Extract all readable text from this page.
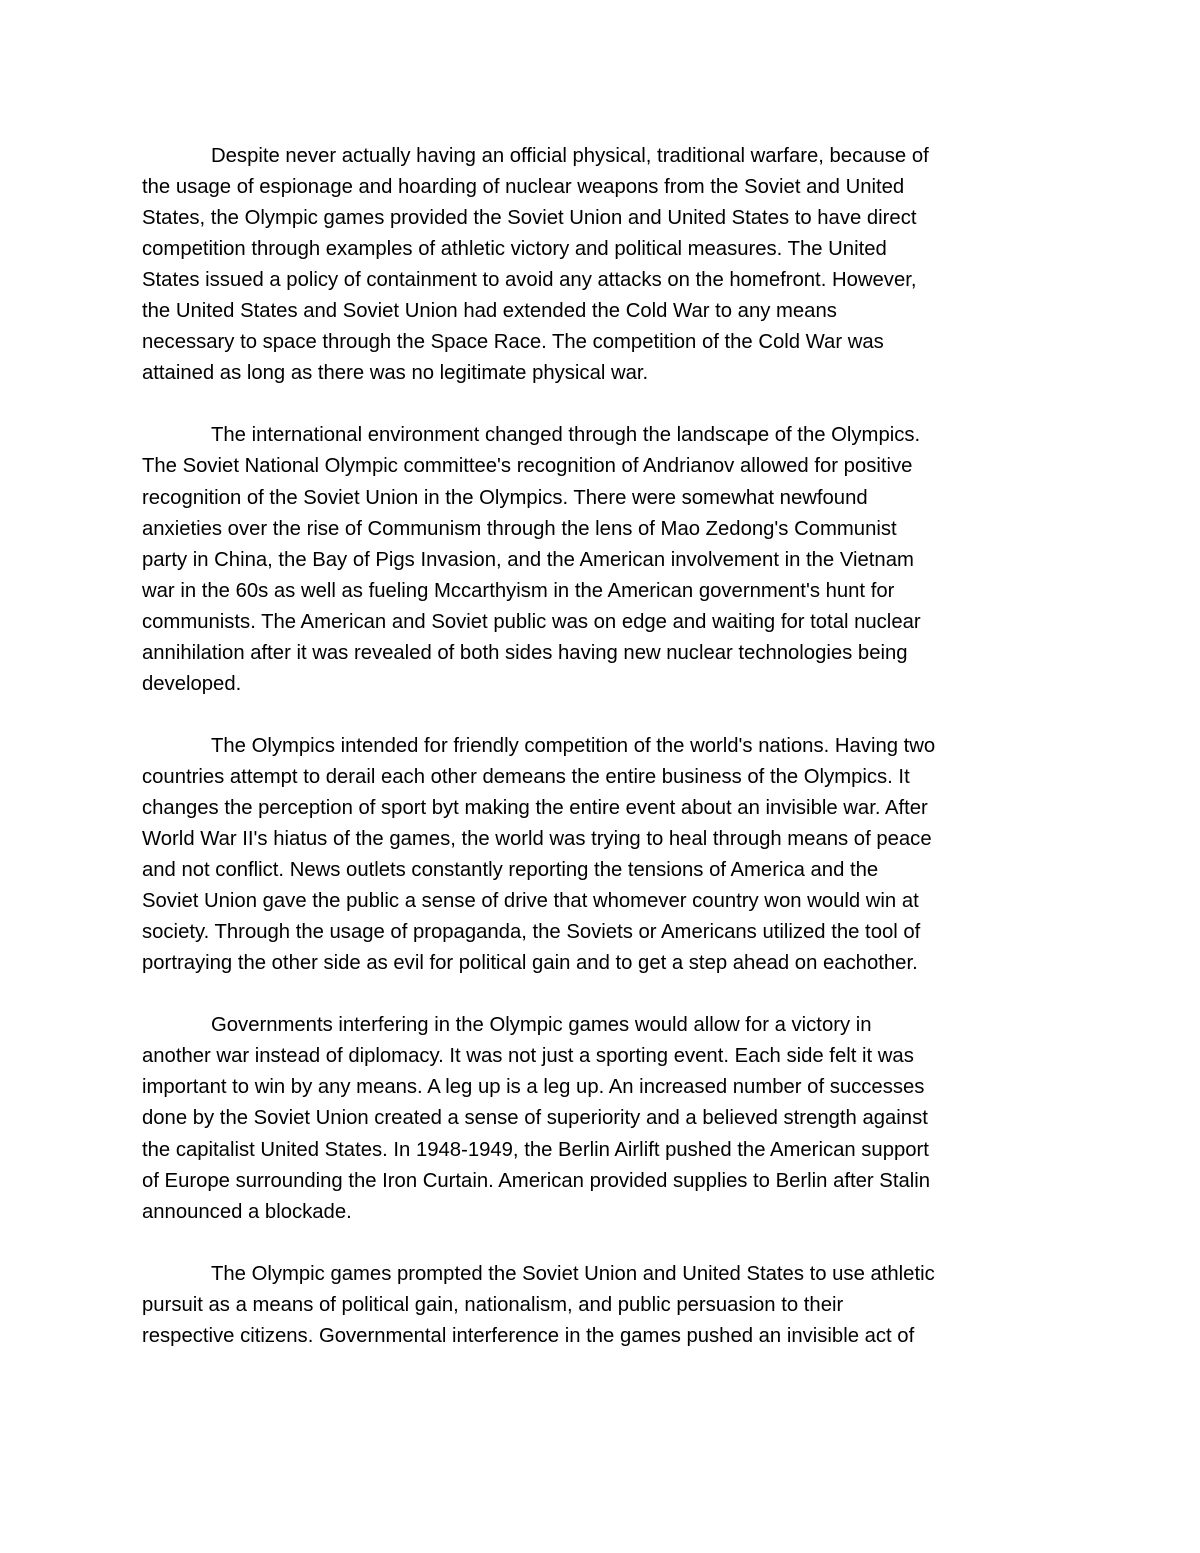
Despite never actually having an official physical, traditional warfare, because of
the usage of espionage and hoarding of nuclear weapons from the Soviet and United
States, the Olympic games provided the Soviet Union and United States to have direct
competition through examples of athletic victory and political measures. The United
States issued a policy of containment to avoid any attacks on the homefront. However,
the United States and Soviet Union had extended the Cold War to any means
necessary to space through the Space Race. The competition of the Cold War was
attained as long as there was no legitimate physical war.

The international environment changed through the landscape of the Olympics.
The Soviet National Olympic committee's recognition of Andrianov allowed for positive
recognition of the Soviet Union in the Olympics. There were somewhat newfound
anxieties over the rise of Communism through the lens of Mao Zedong's Communist
party in China, the Bay of Pigs Invasion, and the American involvement in the Vietnam
war in the 60s as well as fueling Mccarthyism in the American government's hunt for
communists. The American and Soviet public was on edge and waiting for total nuclear
annihilation after it was revealed of both sides having new nuclear technologies being
developed.

The Olympics intended for friendly competition of the world's nations. Having two
countries attempt to derail each other demeans the entire business of the Olympics. It
changes the perception of sport byt making the entire event about an invisible war. After
World War II's hiatus of the games, the world was trying to heal through means of peace
and not conflict. News outlets constantly reporting the tensions of America and the
Soviet Union gave the public a sense of drive that whomever country won would win at
society. Through the usage of propaganda, the Soviets or Americans utilized the tool of
portraying the other side as evil for political gain and to get a step ahead on eachother.

Governments interfering in the Olympic games would allow for a victory in
another war instead of diplomacy. It was not just a sporting event. Each side felt it was
important to win by any means. A leg up is a leg up. An increased number of successes
done by the Soviet Union created a sense of superiority and a believed strength against
the capitalist United States. In 1948-1949, the Berlin Airlift pushed the American support
of Europe surrounding the Iron Curtain. American provided supplies to Berlin after Stalin
announced a blockade.

The Olympic games prompted the Soviet Union and United States to use athletic
pursuit as a means of political gain, nationalism, and public persuasion to their
respective citizens. Governmental interference in the games pushed an invisible act of
